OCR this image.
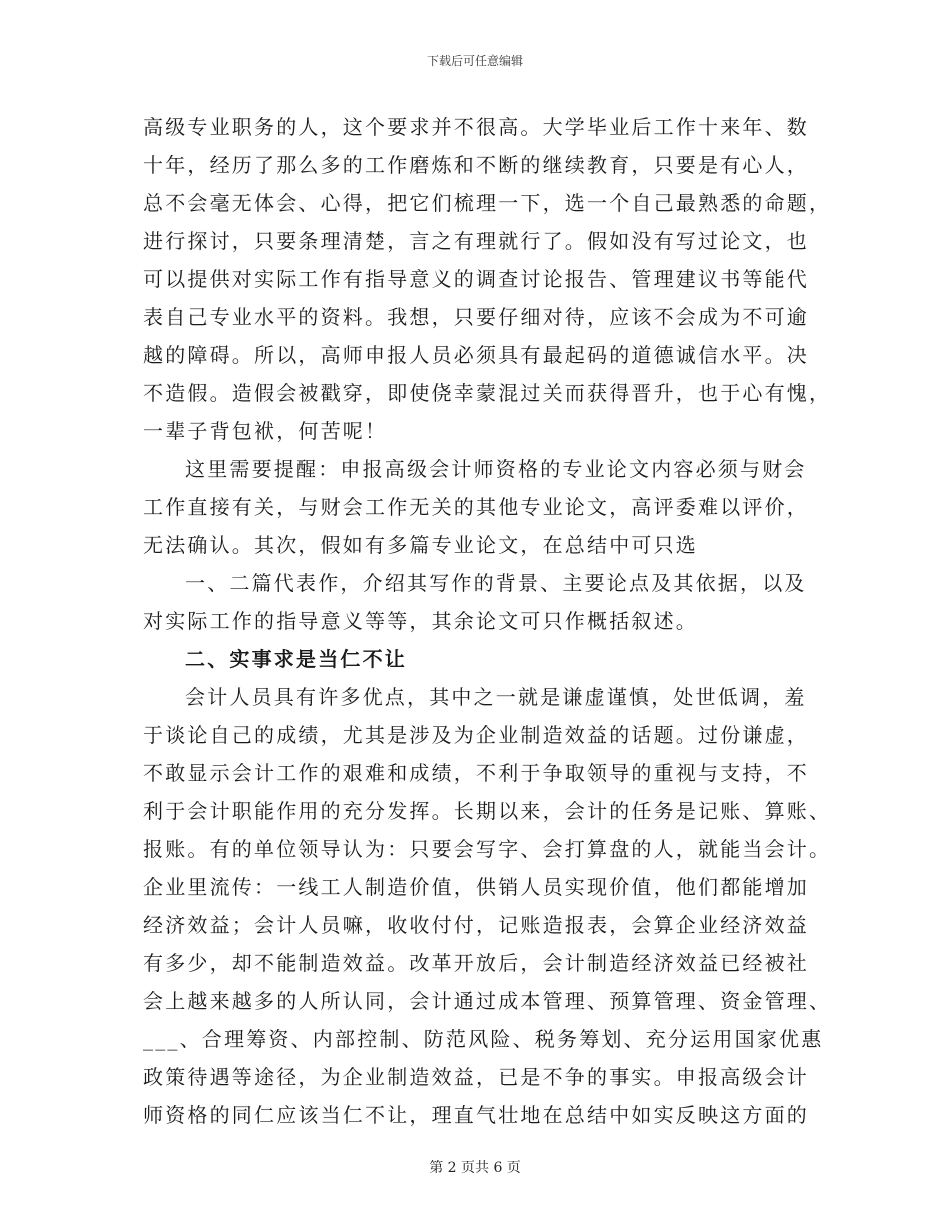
下载后可任意编辑
高级专业职务的人，这个要求并不很高。大学毕业后工作十来年、数
十年，经历了那么多的工作磨炼和不断的继续教育，只要是有心人，
总不会毫无体会、心得，把它们梳理一下，选一个自己最熟悉的命题，
进行探讨，只要条理清楚，言之有理就行了。假如没有写过论文，也
可以提供对实际工作有指导意义的调查讨论报告、管理建议书等能代
表自己专业水平的资料。我想，只要仔细对待，应该不会成为不可逾
越的障碍。所以，高师申报人员必须具有最起码的道德诚信水平。决
不造假。造假会被戳穿，即使侥幸蒙混过关而获得晋升，也于心有愧，
一辈子背包袱，何苦呢！
这里需要提醒：申报高级会计师资格的专业论文内容必须与财会
工作直接有关，与财会工作无关的其他专业论文，高评委难以评价，
无法确认。其次，假如有多篇专业论文，在总结中可只选
一、二篇代表作，介绍其写作的背景、主要论点及其依据，以及
对实际工作的指导意义等等，其余论文可只作概括叙述。
二、实事求是当仁不让
会计人员具有许多优点，其中之一就是谦虚谨慎，处世低调，羞
于谈论自己的成绩，尤其是涉及为企业制造效益的话题。过份谦虚，
不敢显示会计工作的艰难和成绩，不利于争取领导的重视与支持，不
利于会计职能作用的充分发挥。长期以来，会计的任务是记账、算账、
报账。有的单位领导认为：只要会写字、会打算盘的人，就能当会计。
企业里流传：一线工人制造价值，供销人员实现价值，他们都能增加
经济效益；会计人员嘛，收收付付，记账造报表，会算企业经济效益
有多少，却不能制造效益。改革开放后，会计制造经济效益已经被社
会上越来越多的人所认同，会计通过成本管理、预算管理、资金管理、
___、合理筹资、内部控制、防范风险、税务筹划、充分运用国家优惠
政策待遇等途径，为企业制造效益，已是不争的事实。申报高级会计
师资格的同仁应该当仁不让，理直气壮地在总结中如实反映这方面的
第 2 页共 6 页
